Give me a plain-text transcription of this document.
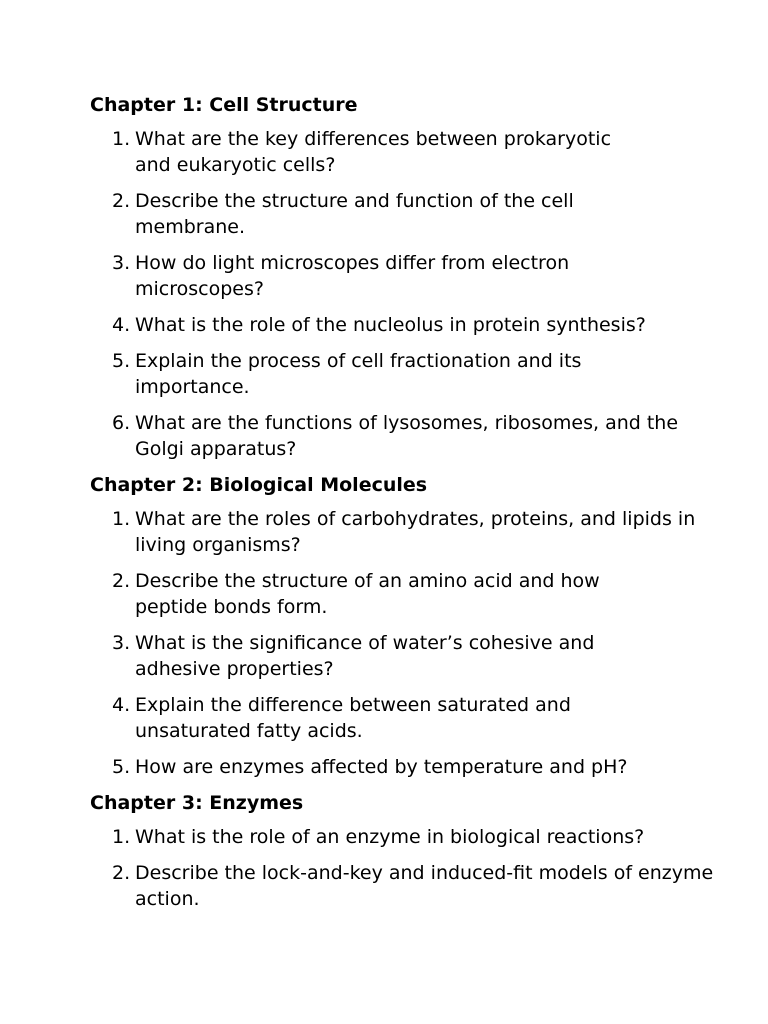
Chapter 1: Cell Structure
1. What are the key differences between prokaryotic and eukaryotic cells?
2. Describe the structure and function of the cell membrane.
3. How do light microscopes differ from electron microscopes?
4. What is the role of the nucleolus in protein synthesis?
5. Explain the process of cell fractionation and its importance.
6. What are the functions of lysosomes, ribosomes, and the Golgi apparatus?
Chapter 2: Biological Molecules
1. What are the roles of carbohydrates, proteins, and lipids in living organisms?
2. Describe the structure of an amino acid and how peptide bonds form.
3. What is the significance of water’s cohesive and adhesive properties?
4. Explain the difference between saturated and unsaturated fatty acids.
5. How are enzymes affected by temperature and pH?
Chapter 3: Enzymes
1. What is the role of an enzyme in biological reactions?
2. Describe the lock-and-key and induced-fit models of enzyme action.
